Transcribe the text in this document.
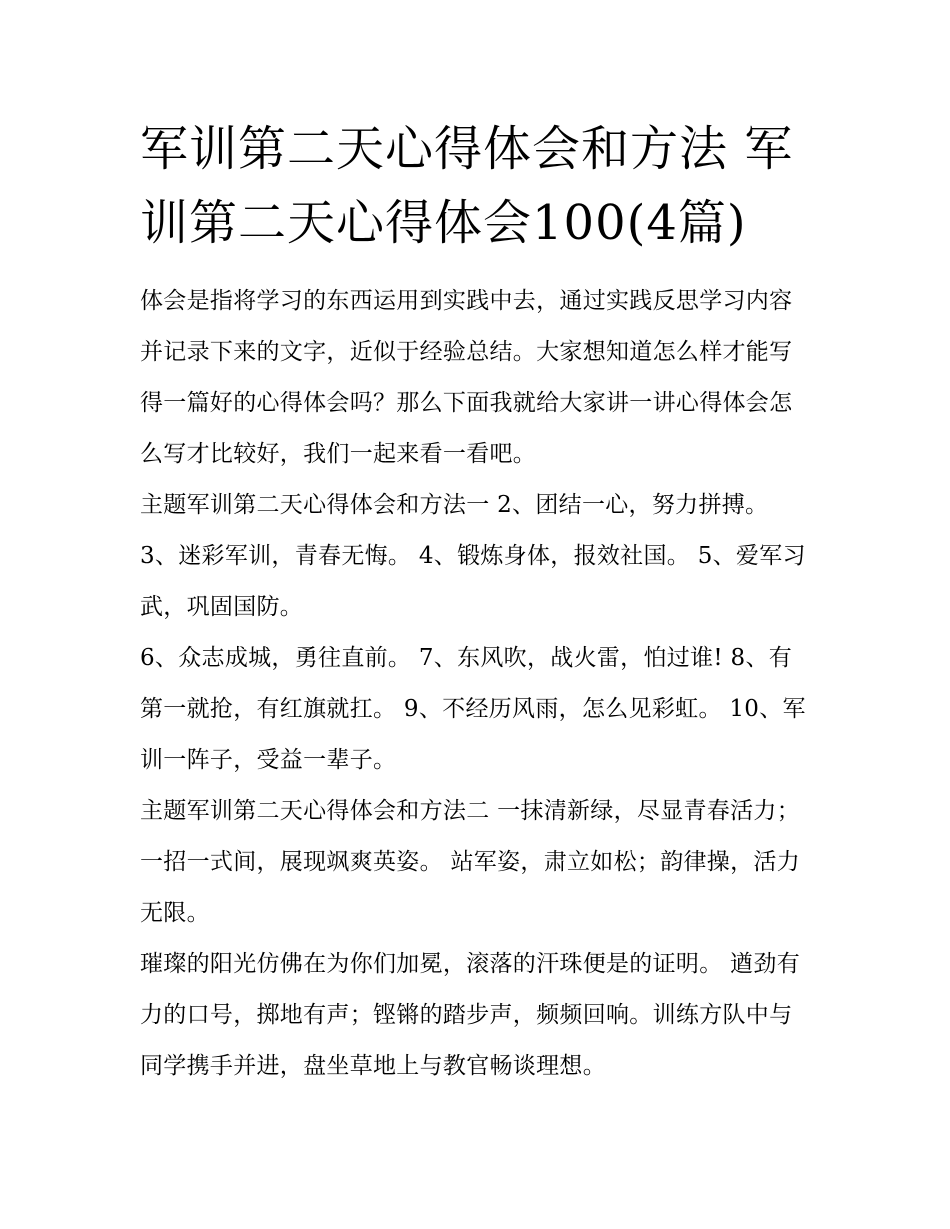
军训第二天心得体会和方法 军训第二天心得体会100(4篇)

体会是指将学习的东西运用到实践中去，通过实践反思学习内容并记录下来的文字，近似于经验总结。大家想知道怎么样才能写得一篇好的心得体会吗？那么下面我就给大家讲一讲心得体会怎么写才比较好，我们一起来看一看吧。

主题军训第二天心得体会和方法一 2、团结一心，努力拼搏。 3、迷彩军训，青春无悔。 4、锻炼身体，报效社国。 5、爱军习武，巩固国防。

6、众志成城，勇往直前。 7、东风吹，战火雷，怕过谁! 8、有第一就抢，有红旗就扛。 9、不经历风雨，怎么见彩虹。 10、军训一阵子，受益一辈子。

主题军训第二天心得体会和方法二 一抹清新绿，尽显青春活力；一招一式间，展现飒爽英姿。 站军姿，肃立如松；韵律操，活力无限。

璀璨的阳光仿佛在为你们加冕，滚落的汗珠便是的证明。 遒劲有力的口号，掷地有声；铿锵的踏步声，频频回响。训练方队中与同学携手并进，盘坐草地上与教官畅谈理想。
